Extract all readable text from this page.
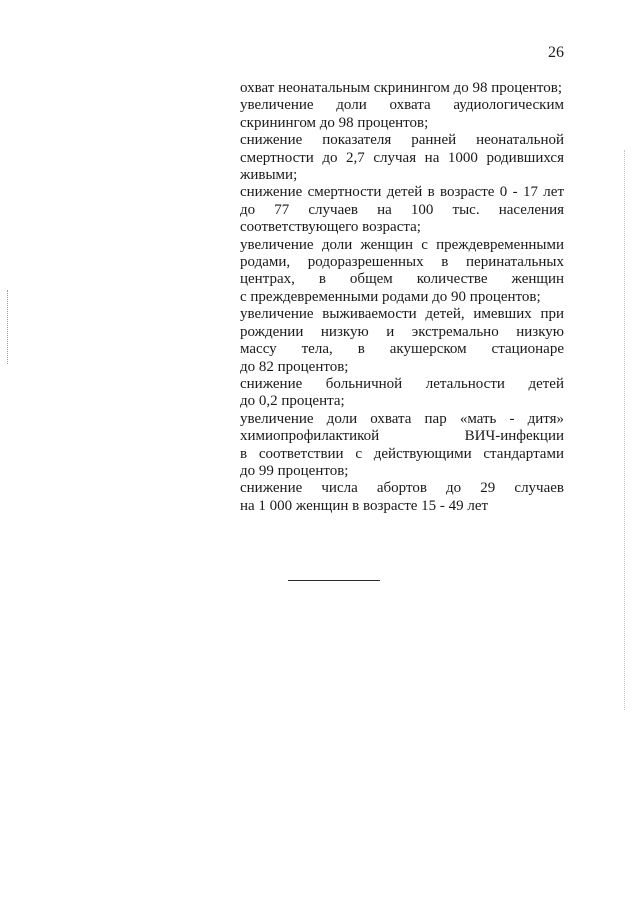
26
охват неонатальным скринингом до 98 процентов;
увеличение доли охвата аудиологическим
скринингом до 98 процентов;
снижение показателя ранней неонатальной
смертности до 2,7 случая на 1000 родившихся
живыми;
снижение смертности детей в возрасте 0 - 17 лет
до 77 случаев на 100 тыс. населения
соответствующего возраста;
увеличение доли женщин с преждевременными
родами, родоразрешенных в перинатальных
центрах, в общем количестве женщин
с преждевременными родами до 90 процентов;
увеличение выживаемости детей, имевших при
рождении низкую и экстремально низкую
массу тела, в акушерском стационаре
до 82 процентов;
снижение больничной летальности детей
до 0,2 процента;
увеличение доли охвата пар «мать - дитя»
химиопрофилактикой ВИЧ-инфекции
в соответствии с действующими стандартами
до 99 процентов;
снижение числа абортов до 29 случаев
на 1 000 женщин в возрасте 15 - 49 лет
